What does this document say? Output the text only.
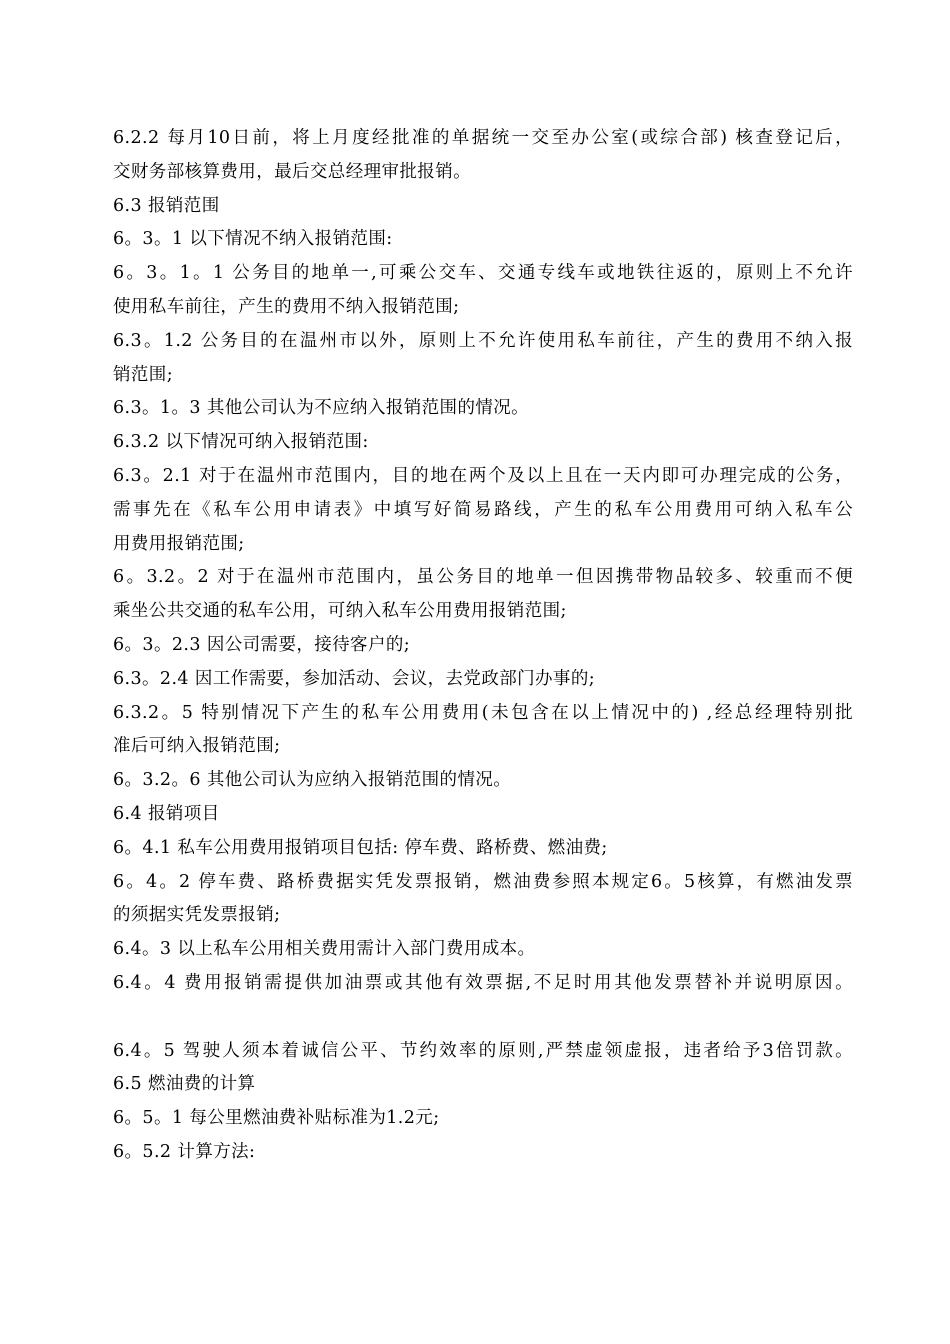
6.2.2 每月10日前，将上月度经批准的单据统一交至办公室(或综合部) 核查登记后，
交财务部核算费用，最后交总经理审批报销。
6.3 报销范围
6。3。1 以下情况不纳入报销范围:
6。3。1。1 公务目的地单一,可乘公交车、交通专线车或地铁往返的，原则上不允许
使用私车前往，产生的费用不纳入报销范围;
6.3。1.2 公务目的在温州市以外，原则上不允许使用私车前往，产生的费用不纳入报
销范围;
6.3。1。3 其他公司认为不应纳入报销范围的情况。
6.3.2 以下情况可纳入报销范围:
6.3。2.1 对于在温州市范围内，目的地在两个及以上且在一天内即可办理完成的公务，
需事先在《私车公用申请表》中填写好简易路线，产生的私车公用费用可纳入私车公
用费用报销范围;
6。3.2。2 对于在温州市范围内，虽公务目的地单一但因携带物品较多、较重而不便
乘坐公共交通的私车公用，可纳入私车公用费用报销范围;
6。3。2.3 因公司需要，接待客户的;
6.3。2.4 因工作需要，参加活动、会议，去党政部门办事的;
6.3.2。5 特别情况下产生的私车公用费用(未包含在以上情况中的) ,经总经理特别批
准后可纳入报销范围;
6。3.2。6 其他公司认为应纳入报销范围的情况。
6.4 报销项目
6。4.1 私车公用费用报销项目包括: 停车费、路桥费、燃油费;
6。4。2 停车费、路桥费据实凭发票报销，燃油费参照本规定6。5核算，有燃油发票
的须据实凭发票报销;
6.4。3 以上私车公用相关费用需计入部门费用成本。
6.4。4 费用报销需提供加油票或其他有效票据,不足时用其他发票替补并说明原因。
6.4。5 驾驶人须本着诚信公平、节约效率的原则,严禁虚领虚报，违者给予3倍罚款。
6.5 燃油费的计算
6。5。1 每公里燃油费补贴标准为1.2元;
6。5.2 计算方法:
